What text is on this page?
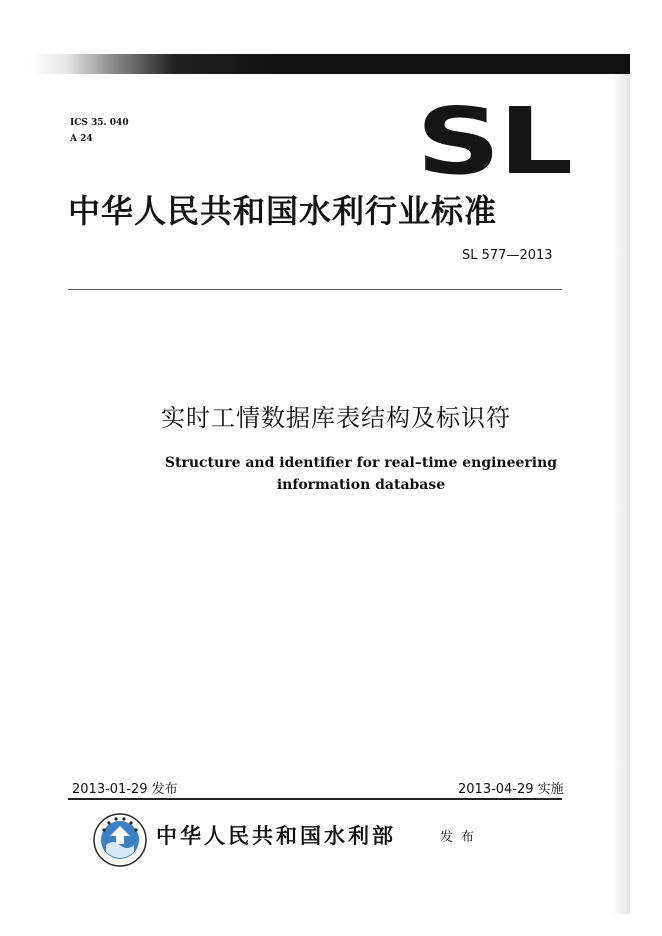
ICS 35. 040
A 24	SL
中华人民共和国水利行业标准
SL 577—2013
实时工情数据库表结构及标识符
Structure and identifier for real–time engineering
information database
2013-01-29 发布	2013-04-29 实施
中华人民共和国水利部	发布
